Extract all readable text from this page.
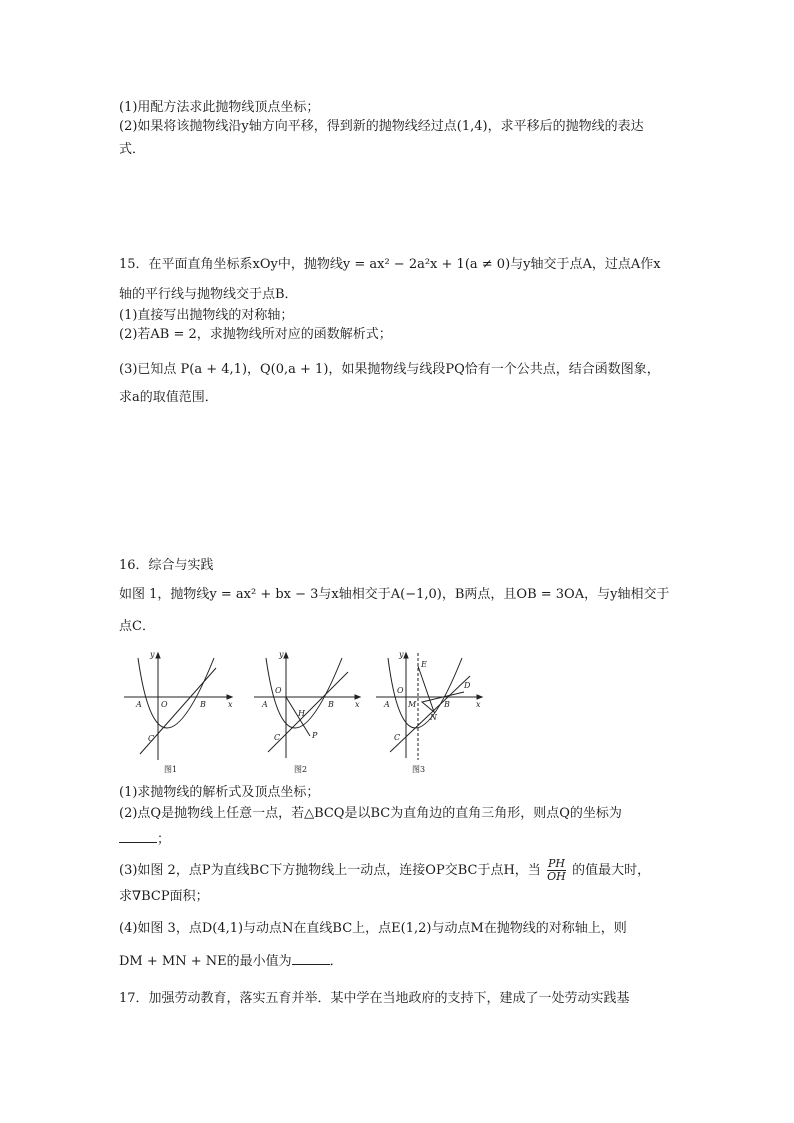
(1)用配方法求此抛物线顶点坐标；
(2)如果将该抛物线沿y轴方向平移，得到新的抛物线经过点(1,4)，求平移后的抛物线的表达
式．
15．在平面直角坐标系xOy中，抛物线y = ax² − 2a²x + 1(a ≠ 0)与y轴交于点A，过点A作x
轴的平行线与抛物线交于点B．
(1)直接写出抛物线的对称轴；
(2)若AB = 2，求抛物线所对应的函数解析式；
(3)已知点 P(a + 4,1)，Q(0,a + 1)，如果抛物线与线段PQ恰有一个公共点，结合函数图象，
求a的取值范围．
16．综合与实践
如图 1，抛物线y = ax² + bx − 3与x轴相交于A(−1,0)，B两点，且OB = 3OA，与y轴相交于
点C．
y
x
O
A	B
C
图1
y
x
O
A	B
C
H
P
图2
y
x
O
A	B
C
E
D
M
N
图3
(1)求抛物线的解析式及顶点坐标；
(2)点Q是抛物线上任意一点，若△BCQ是以BC为直角边的直角三角形，则点Q的坐标为
；
(3)如图 2，点P为直线BC下方抛物线上一动点，连接OP交BC于点H，当 $\frac{PH}{OH}$ 的值最大时，
求∇BCP面积；
(4)如图 3，点D(4,1)与动点N在直线BC上，点E(1,2)与动点M在抛物线的对称轴上，则
DM + MN + NE的最小值为	．
17．加强劳动教育，落实五育并举．某中学在当地政府的支持下，建成了一处劳动实践基
